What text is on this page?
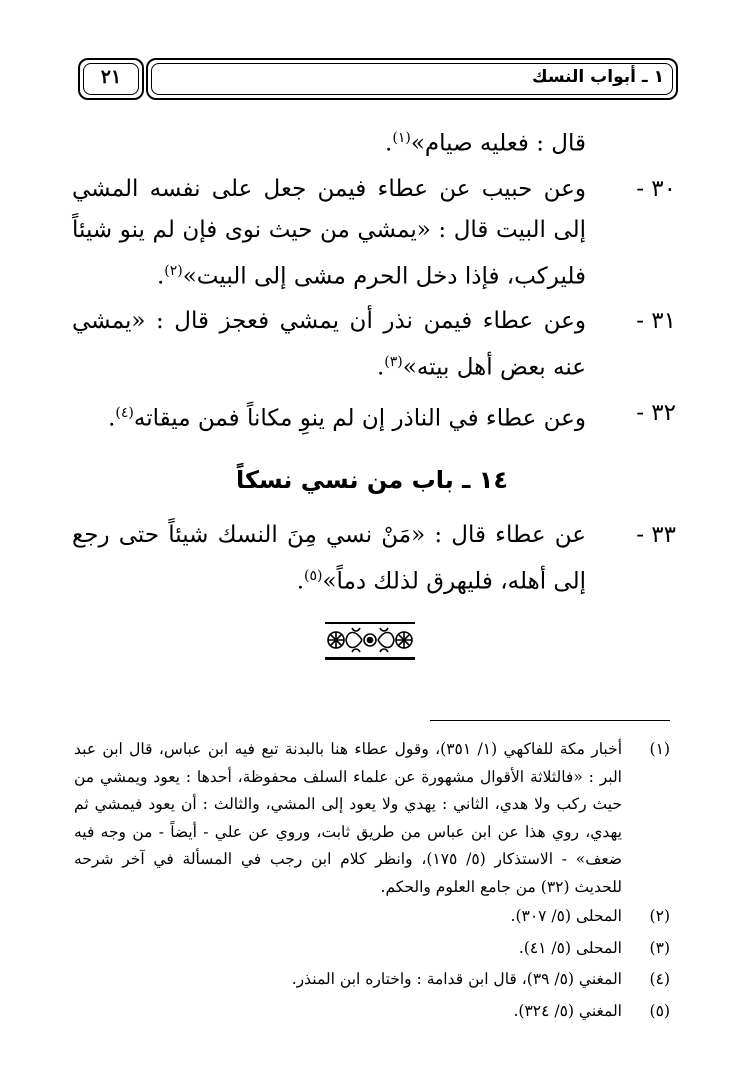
١ ـ أبواب النسك
٢١
قال : فعليه صيام»$^{(١)}$.
٣٠ -
وعن حبيب عن عطاء فيمن جعل على نفسه المشي إلى البيت قال : «يمشي من حيث نوى فإن لم ينو شيئاً فليركب، فإذا دخل الحرم مشى إلى البيت»$^{(٢)}$.
٣١ -
وعن عطاء فيمن نذر أن يمشي فعجز قال : «يمشي عنه بعض أهل بيته»$^{(٣)}$.
٣٢ -
وعن عطاء في الناذر إن لم ينوِ مكاناً فمن ميقاته$^{(٤)}$.
١٤ ـ باب من نسي نسكاً
٣٣ -
عن عطاء قال : «مَنْ نسي مِنَ النسك شيئاً حتى رجع إلى أهله، فليهرق لذلك دماً»$^{(٥)}$.
(١)
أخبار مكة للفاكهي (١/ ٣٥١)، وقول عطاء هنا بالبدنة تبع فيه ابن عباس، قال ابن عبد البر : «فالثلاثة الأقوال مشهورة عن علماء السلف محفوظة، أحدها : يعود ويمشي من حيث ركب ولا هدي، الثاني : يهدي ولا يعود إلى المشي، والثالث : أن يعود فيمشي ثم يهدي، روي هذا عن ابن عباس من طريق ثابت، وروي عن علي - أيضاً - من وجه فيه ضعف» - الاستذكار (٥/ ١٧٥)، وانظر كلام ابن رجب في المسألة في آخر شرحه للحديث (٣٢) من جامع العلوم والحكم.
(٢)
المحلى (٥/ ٣٠٧).
(٣)
المحلى (٥/ ٤١).
(٤)
المغني (٥/ ٣٩)، قال ابن قدامة : واختاره ابن المنذر.
(٥)
المغني (٥/ ٣٢٤).
